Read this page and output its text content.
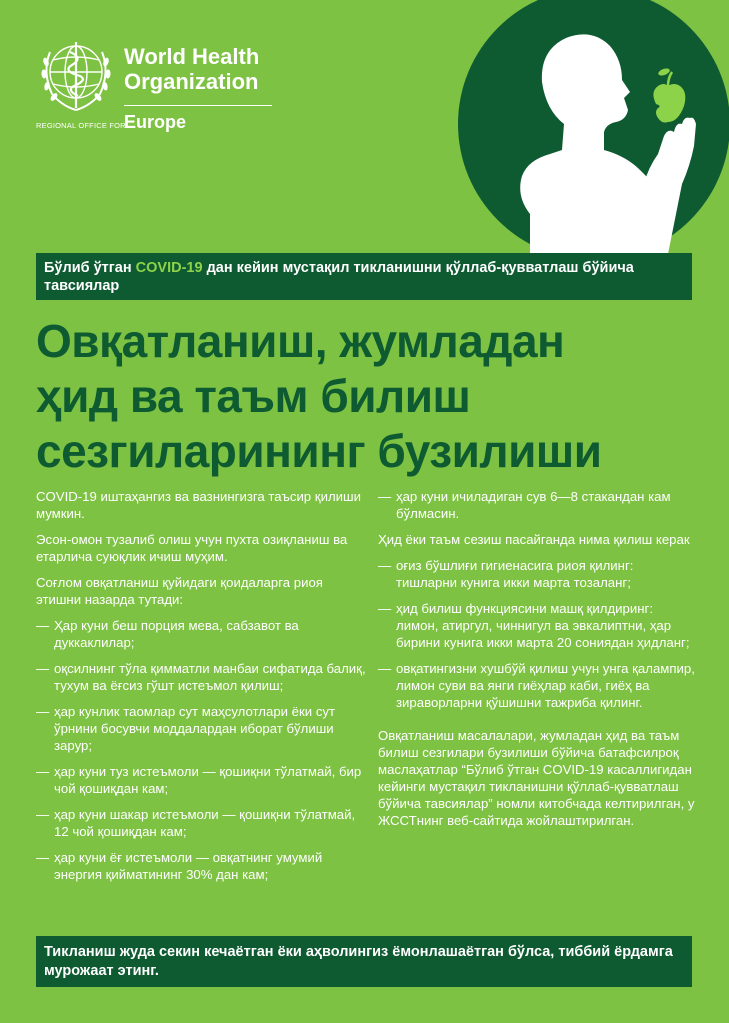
World Health
Organization
REGIONAL OFFICE FOR
Europe
Бўлиб ўтган COVID-19 дан кейин мустақил тикланишни қўллаб-қувватлаш бўйича тавсиялар
Овқатланиш, жумладан
ҳид ва таъм билиш
сезгиларининг бузилиши

COVID-19 иштаҳангиз ва вазнингизга таъсир қилиши мумкин.

Эсон-омон тузалиб олиш учун пухта озиқланиш ва етарлича суюқлик ичиш муҳим.

Соғлом овқатланиш қуйидаги қоидаларга риоя этишни назарда тутади:

— Ҳар куни беш порция мева, сабзавот ва дуккаклилар;
— оқсилнинг тўла қимматли манбаи сифатида балиқ, тухум ва ёғсиз гўшт истеъмол қилиш;
— ҳар кунлик таомлар сут маҳсулотлари ёки сут ўрнини босувчи моддалардан иборат бўлиши зарур;
— ҳар куни туз истеъмоли — қошиқни тўлатмай, бир чой қошиқдан кам;
— ҳар куни шакар истеъмоли — қошиқни тўлатмай, 12 чой қошиқдан кам;
— ҳар куни ёғ истеъмоли — овқатнинг умумий энергия қийматининг 30% дан кам;
— ҳар куни ичиладиган сув 6—8 стакандан кам бўлмасин.

Ҳид ёки таъм сезиш пасайганда нима қилиш керак

— оғиз бўшлиғи гигиенасига риоя қилинг: тишларни кунига икки марта тозаланг;
— ҳид билиш функциясини машқ қилдиринг: лимон, атиргул, чиннигул ва эвкалиптни, ҳар бирини кунига икки марта 20 сониядан ҳидланг;
— овқатингизни хушбўй қилиш учун унга қалампир, лимон суви ва янги гиёҳлар каби, гиёҳ ва зираворларни қўшишни тажриба қилинг.

Овқатланиш масалалари, жумладан ҳид ва таъм билиш сезгилари бузилиши бўйича батафсилроқ маслаҳатлар “Бўлиб ўтган COVID-19 касаллигидан кейинги мустақил тикланишни қўллаб-қувватлаш бўйича тавсиялар” номли китобчада келтирилган, у ЖССТнинг веб-сайтида жойлаштирилган.

Тикланиш жуда секин кечаётган ёки аҳволингиз ёмонлашаётган бўлса, тиббий ёрдамга мурожаат этинг.
